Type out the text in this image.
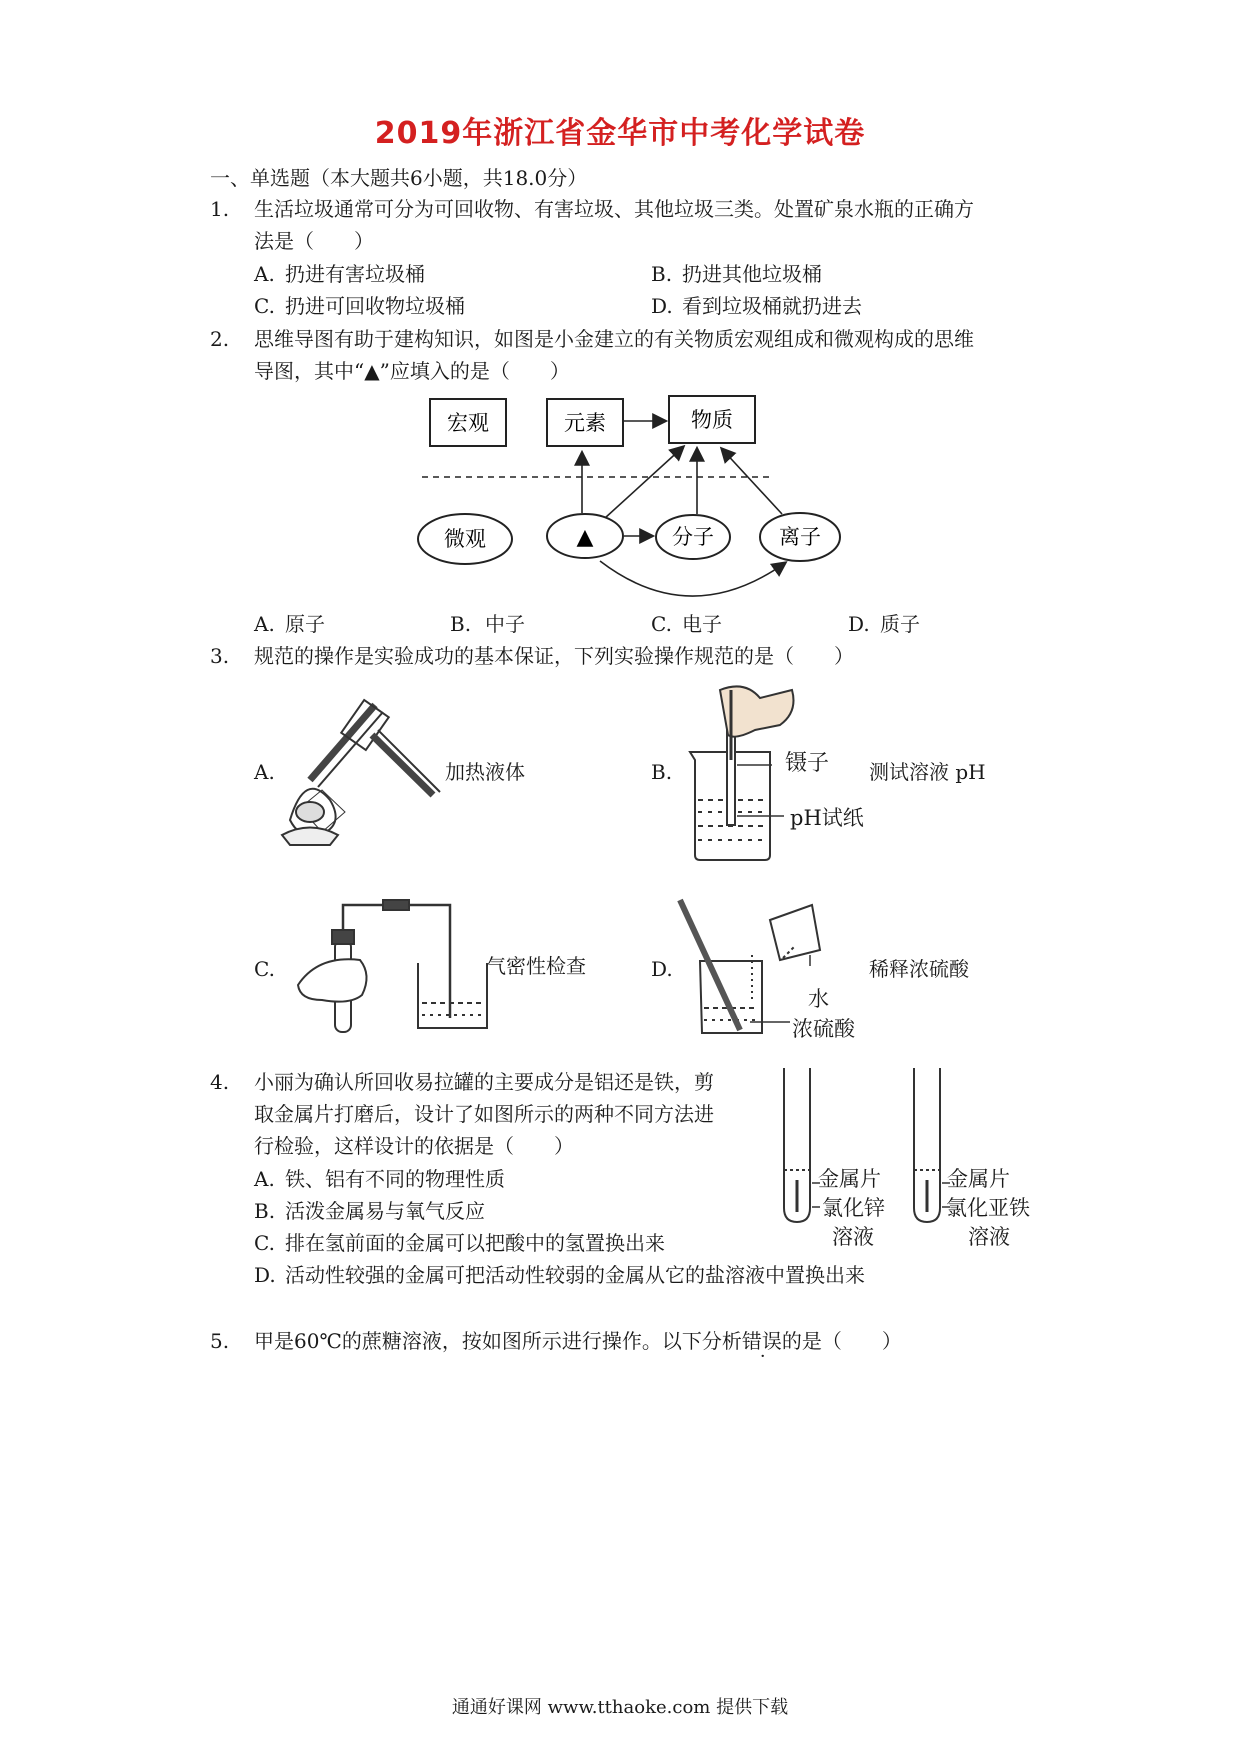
2019年浙江省金华市中考化学试卷
一、单选题（本大题共6小题，共18.0分）
1. 生活垃圾通常可分为可回收物、有害垃圾、其他垃圾三类。处置矿泉水瓶的正确方
法是（　　）
A. 扔进有害垃圾桶	B. 扔进其他垃圾桶
C. 扔进可回收物垃圾桶	D. 看到垃圾桶就扔进去
2. 思维导图有助于建构知识，如图是小金建立的有关物质宏观组成和微观构成的思维
导图，其中“▲”应填入的是（　　）
宏观	元素	物质
微观	▲	分子	离子
A. 原子	B. 中子	C. 电子	D. 质子
3. 规范的操作是实验成功的基本保证，下列实验操作规范的是（　　）
A.	加热液体	B.	镊子 测试溶液 pH
pH试纸
C.	气密性检查	D.	稀释浓硫酸
水
浓硫酸
4. 小丽为确认所回收易拉罐的主要成分是铝还是铁，剪
取金属片打磨后，设计了如图所示的两种不同方法进
行检验，这样设计的依据是（　　）
金属片
氯化锌
溶液
金属片
氯化亚铁
溶液
A. 铁、铝有不同的物理性质
B. 活泼金属易与氧气反应
C. 排在氢前面的金属可以把酸中的氢置换出来
D. 活动性较强的金属可把活动性较弱的金属从它的盐溶液中置换出来
5. 甲是60℃的蔗糖溶液，按如图所示进行操作。以下分析错误的是（　　）
通通好课网 www.tthaoke.com 提供下载
